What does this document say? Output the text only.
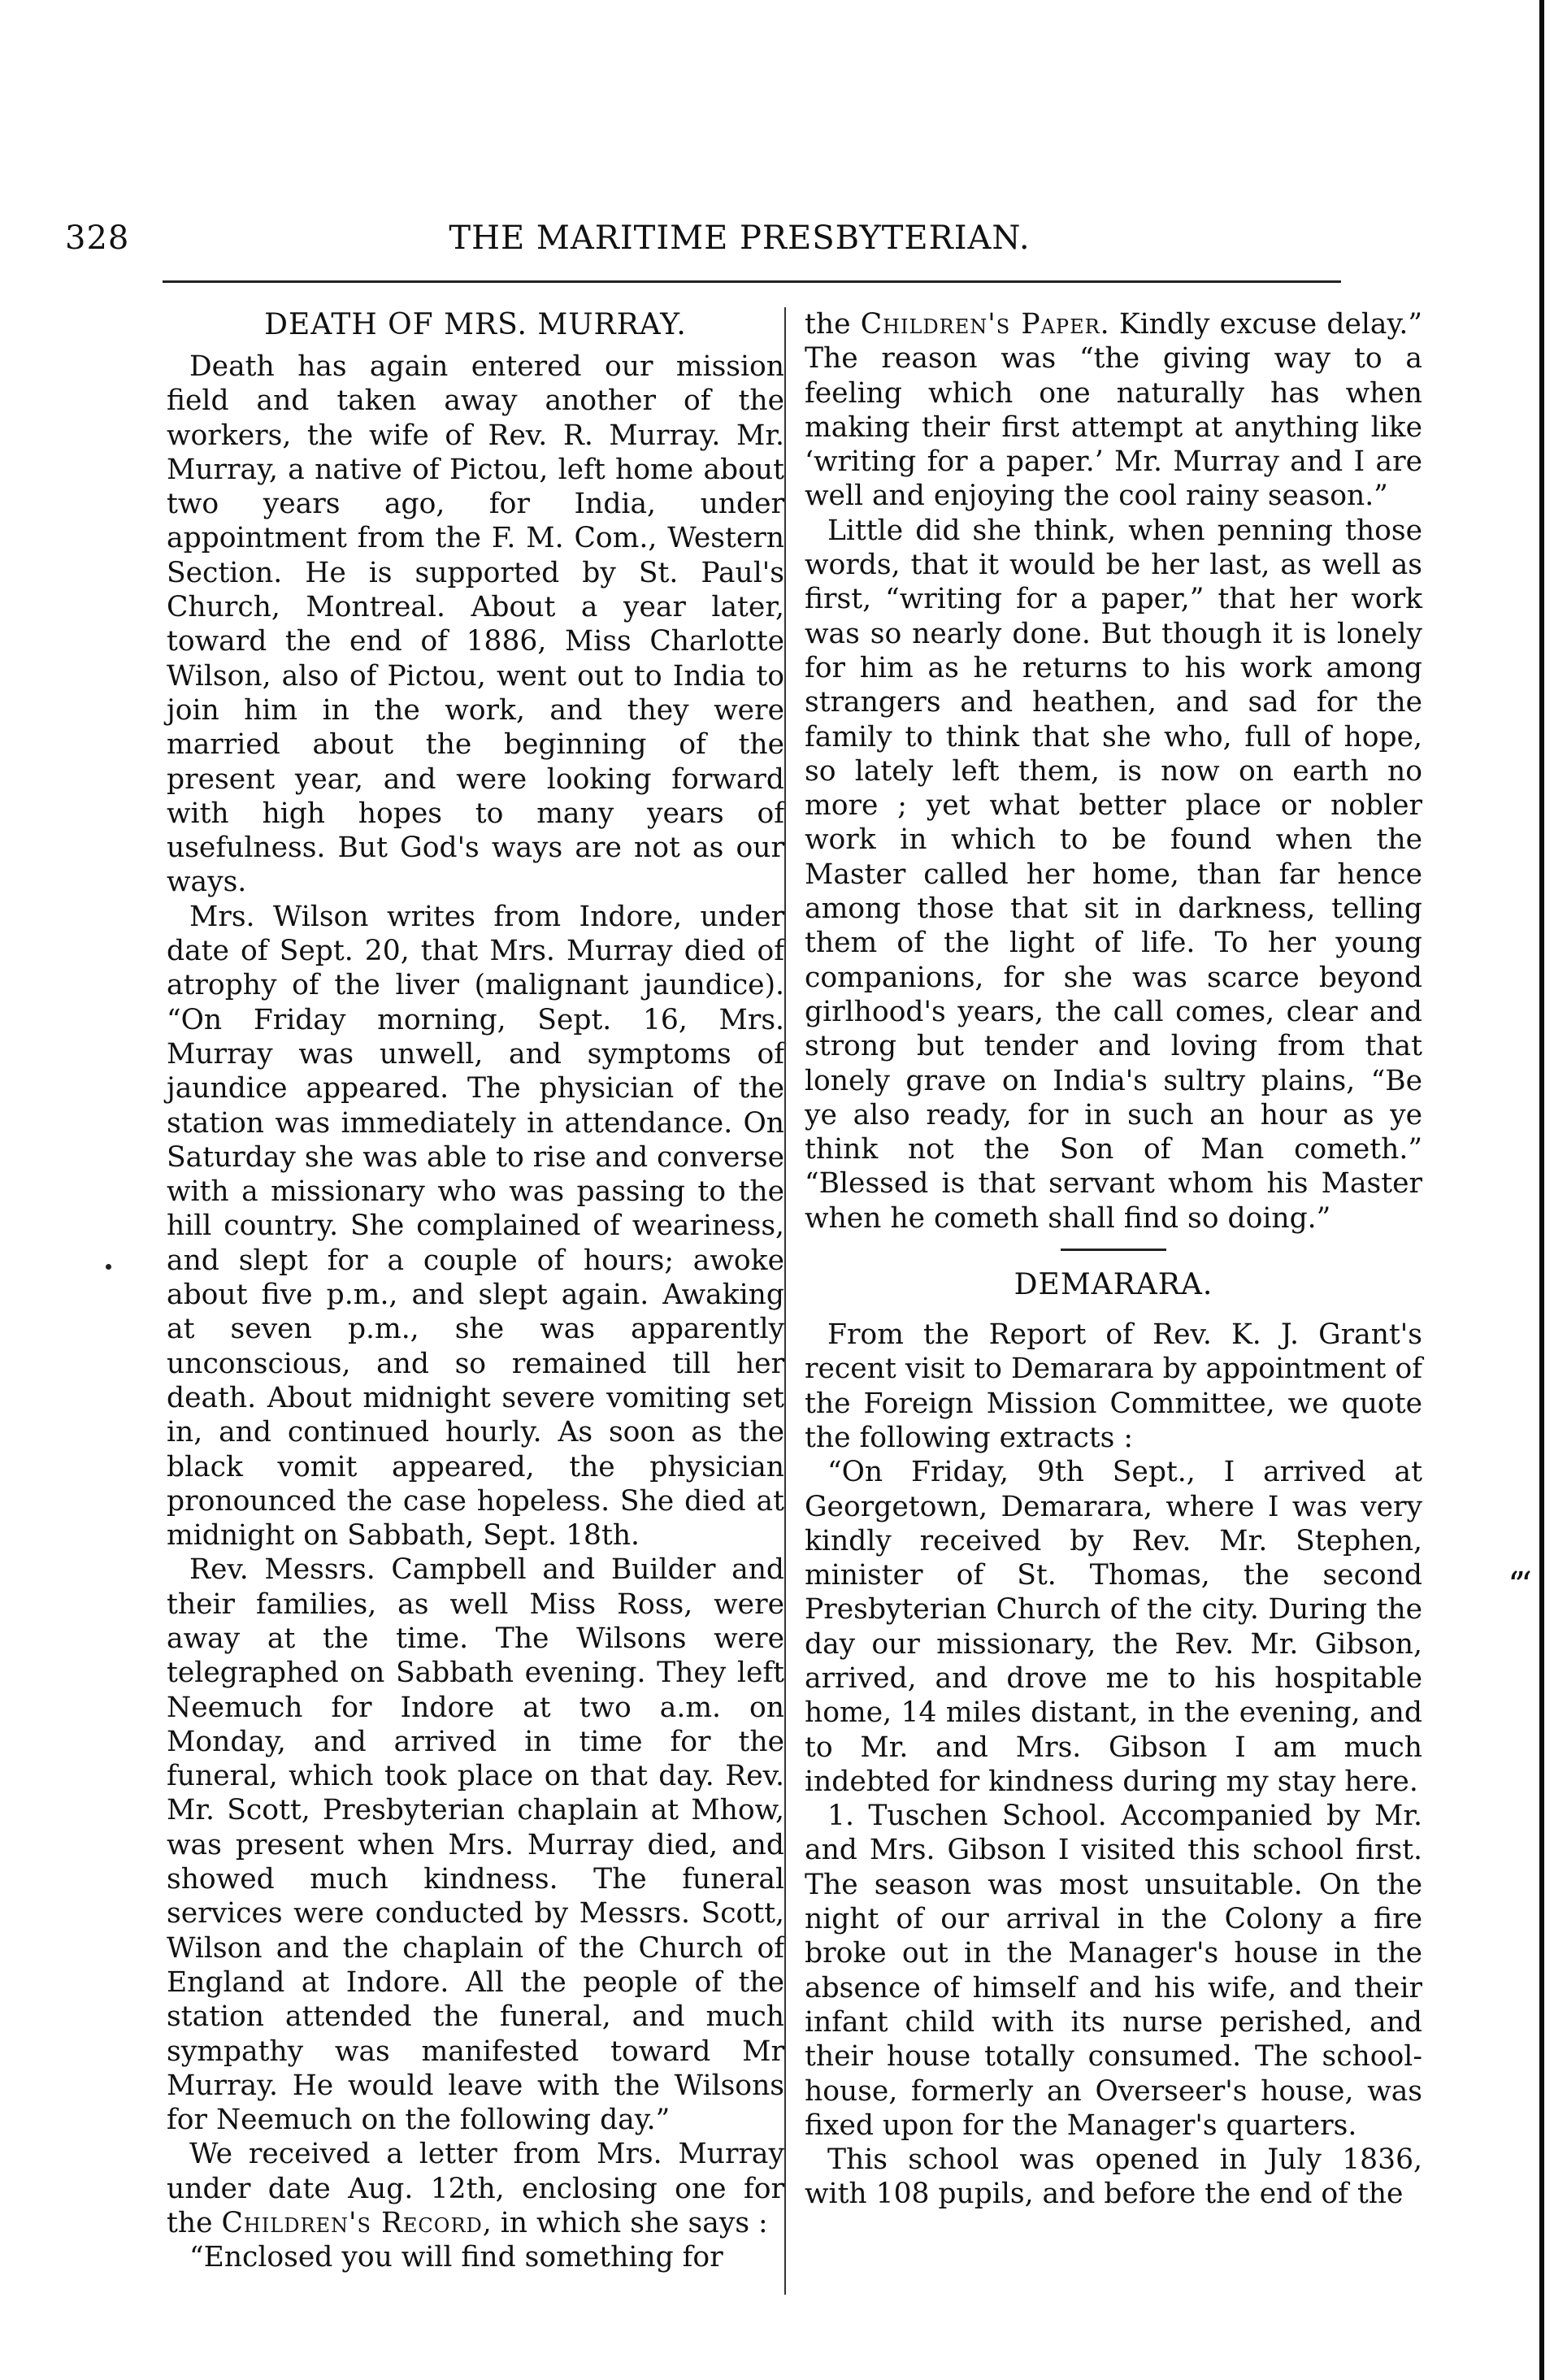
328	THE MARITIME PRESBYTERIAN.
DEATH OF MRS. MURRAY.

Death has again entered our mission field and taken away another of the workers, the wife of Rev. R. Murray. Mr. Murray, a native of Pictou, left home about two years ago, for India, under appointment from the F. M. Com., Western Section. He is supported by St. Paul's Church, Montreal. About a year later, toward the end of 1886, Miss Charlotte Wilson, also of Pictou, went out to India to join him in the work, and they were married about the beginning of the present year, and were looking forward with high hopes to many years of usefulness. But God's ways are not as our ways.

Mrs. Wilson writes from Indore, under date of Sept. 20, that Mrs. Murray died of atrophy of the liver (malignant jaundice). “On Friday morning, Sept. 16, Mrs. Murray was unwell, and symptoms of jaundice appeared. The physician of the station was immediately in attendance. On Saturday she was able to rise and converse with a missionary who was passing to the hill country. She complained of weariness, and slept for a couple of hours; awoke about five p.m., and slept again. Awaking at seven p.m., she was apparently unconscious, and so remained till her death. About midnight severe vomiting set in, and continued hourly. As soon as the black vomit appeared, the physician pronounced the case hopeless. She died at midnight on Sabbath, Sept. 18th.

Rev. Messrs. Campbell and Builder and their families, as well Miss Ross, were away at the time. The Wilsons were telegraphed on Sabbath evening. They left Neemuch for Indore at two a.m. on Monday, and arrived in time for the funeral, which took place on that day. Rev. Mr. Scott, Presbyterian chaplain at Mhow, was present when Mrs. Murray died, and showed much kindness. The funeral services were conducted by Messrs. Scott, Wilson and the chaplain of the Church of England at Indore. All the people of the station attended the funeral, and much sympathy was manifested toward Mr Murray. He would leave with the Wilsons for Neemuch on the following day.”

We received a letter from Mrs. Murray under date Aug. 12th, enclosing one for the Children's Record, in which she says :

“Enclosed you will find something for

the Children's Paper. Kindly excuse delay.” The reason was “the giving way to a feeling which one naturally has when making their first attempt at anything like ‘writing for a paper.’ Mr. Murray and I are well and enjoying the cool rainy season.”

Little did she think, when penning those words, that it would be her last, as well as first, “writing for a paper,” that her work was so nearly done. But though it is lonely for him as he returns to his work among strangers and heathen, and sad for the family to think that she who, full of hope, so lately left them, is now on earth no more ; yet what better place or nobler work in which to be found when the Master called her home, than far hence among those that sit in darkness, telling them of the light of life. To her young companions, for she was scarce beyond girlhood's years, the call comes, clear and strong but tender and loving from that lonely grave on India's sultry plains, “Be ye also ready, for in such an hour as ye think not the Son of Man cometh.” “Blessed is that servant whom his Master when he cometh shall find so doing.”

DEMARARA.

From the Report of Rev. K. J. Grant's recent visit to Demarara by appointment of the Foreign Mission Committee, we quote the following extracts :

“On Friday, 9th Sept., I arrived at Georgetown, Demarara, where I was very kindly received by Rev. Mr. Stephen, minister of St. Thomas, the second Presbyterian Church of the city. During the day our missionary, the Rev. Mr. Gibson, arrived, and drove me to his hospitable home, 14 miles distant, in the evening, and to Mr. and Mrs. Gibson I am much indebted for kindness during my stay here.

1. Tuschen School. Accompanied by Mr. and Mrs. Gibson I visited this school first. The season was most unsuitable. On the night of our arrival in the Colony a fire broke out in the Manager's house in the absence of himself and his wife, and their infant child with its nurse perished, and their house totally consumed. The school-house, formerly an Overseer's house, was fixed upon for the Manager's quarters.

This school was opened in July 1836, with 108 pupils, and before the end of the

‘’‘
